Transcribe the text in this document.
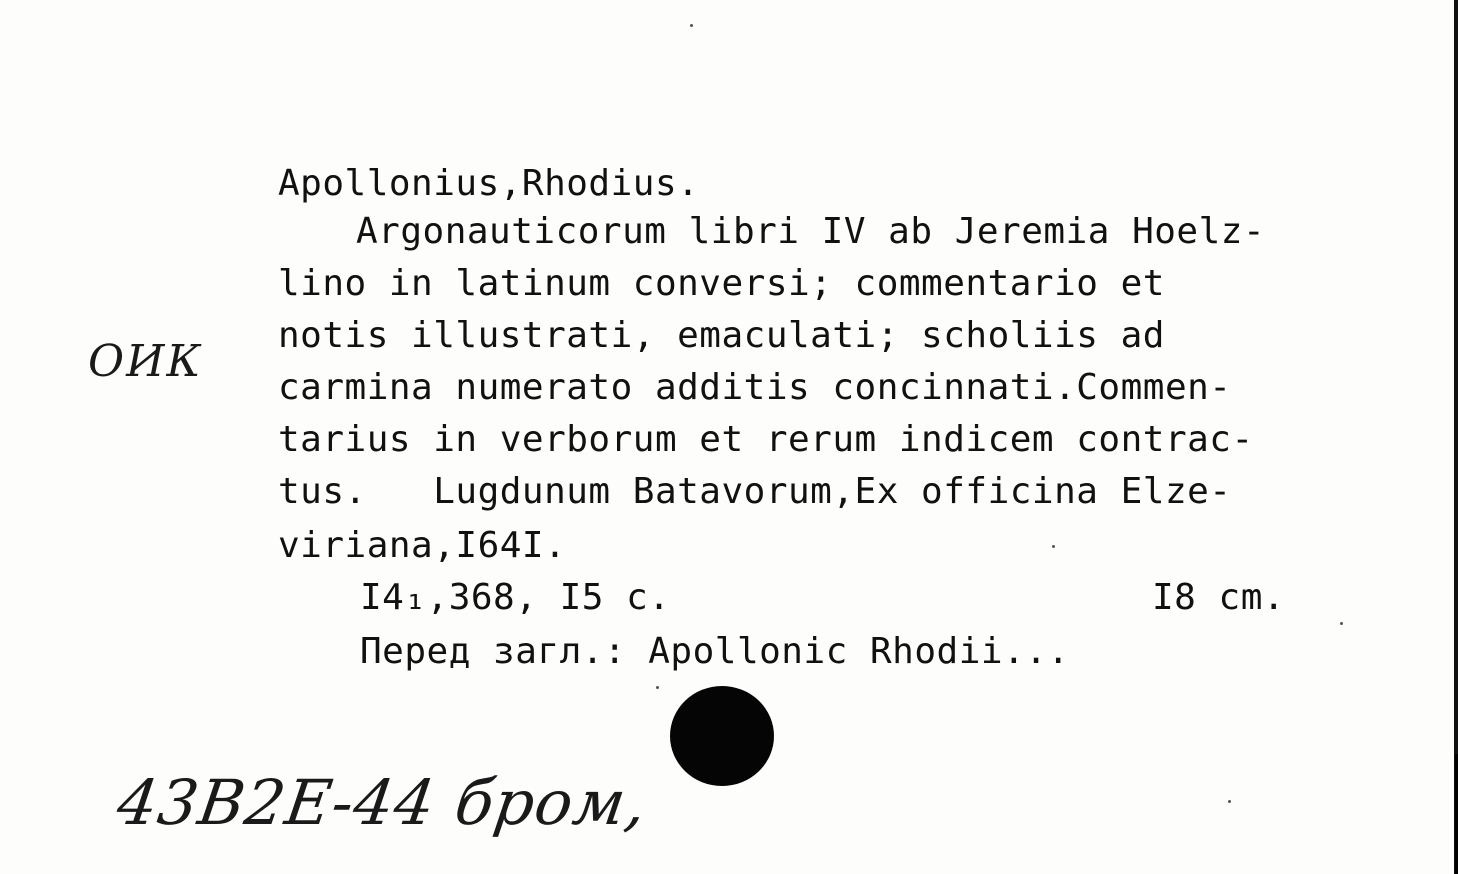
ОИК
Apollonius,Rhodius.
Argonauticorum libri IV ab Jeremia Hoelz-
lino in latinum conversi; commentario et
notis illustrati, emaculati; scholiis ad
carmina numerato additis concinnati.Commen-
tarius in verborum et rerum indicem contrac-
tus.   Lugdunum Batavorum,Ex officina Elze-
viriana,I64I.
I4₁,368, I5 c.	I8 cm.
Перед загл.: Apollonic Rhodii...
43В2Е-44 бром,
